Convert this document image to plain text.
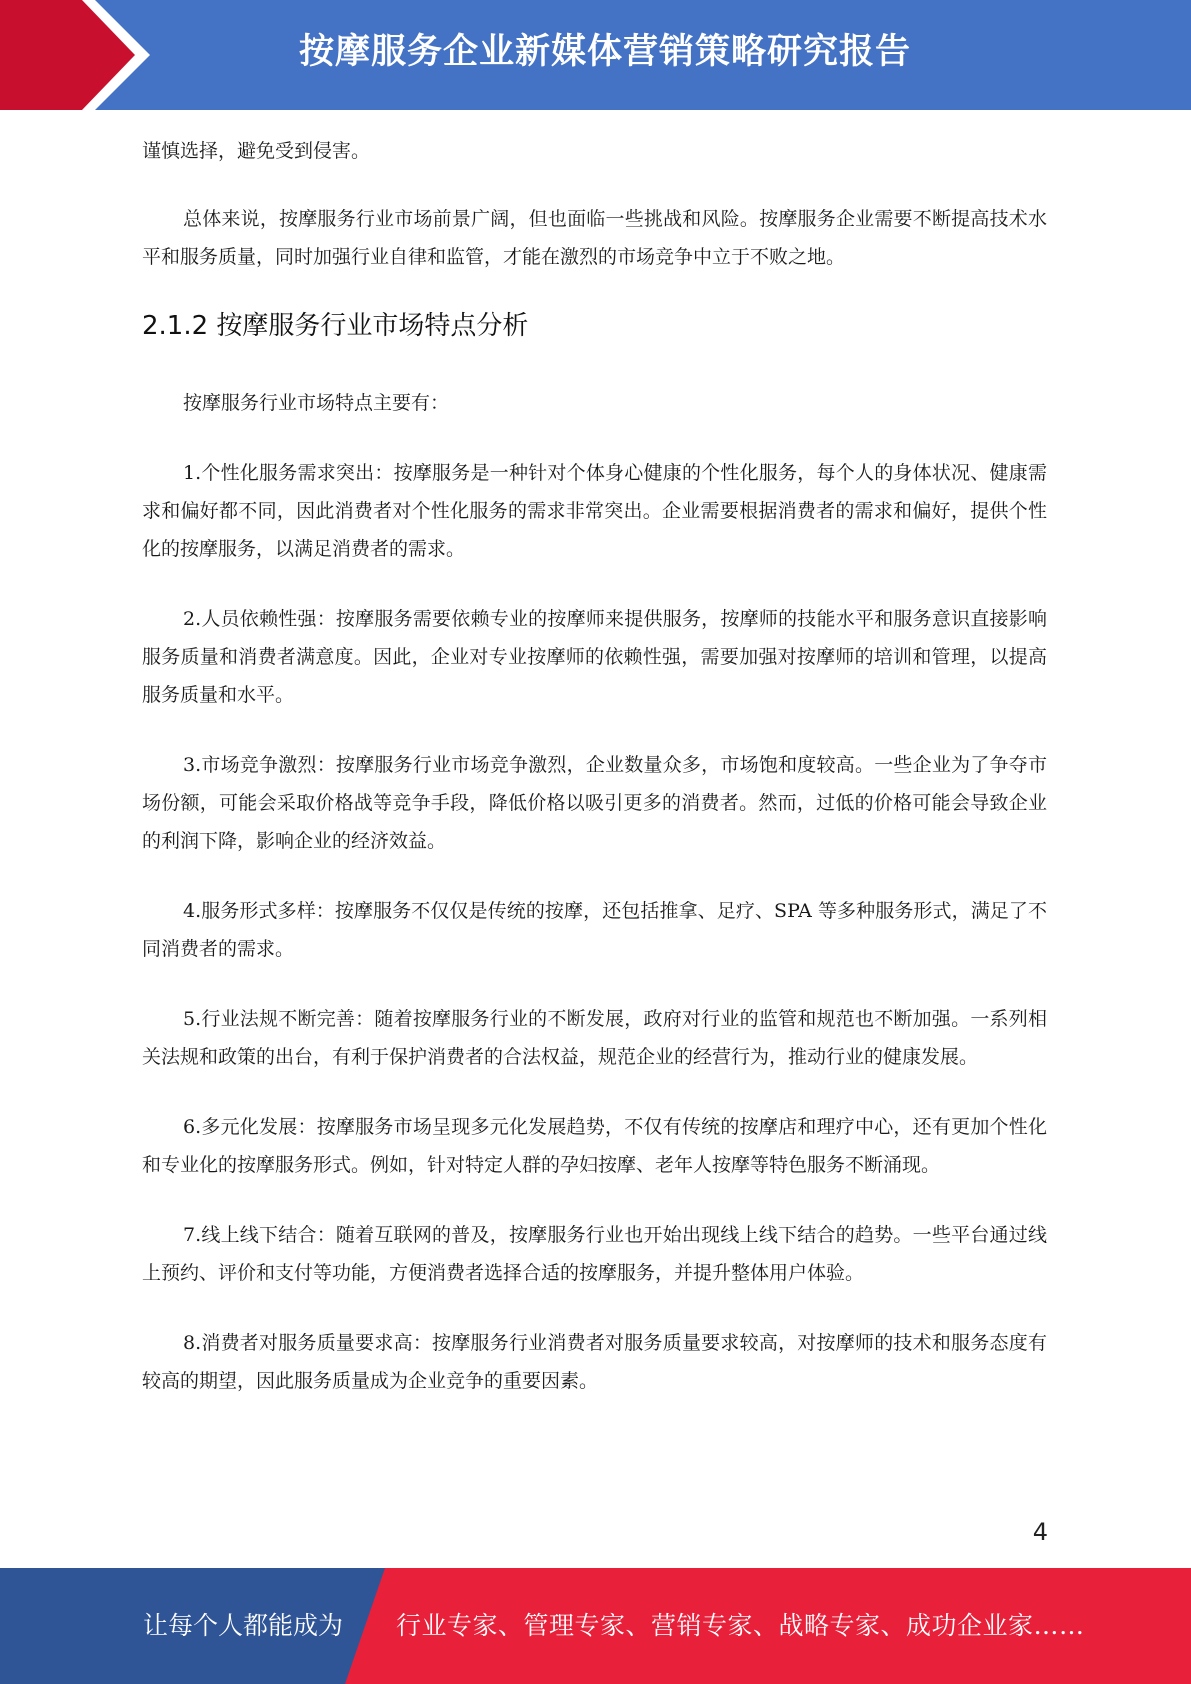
按摩服务企业新媒体营销策略研究报告

谨慎选择，避免受到侵害。

总体来说，按摩服务行业市场前景广阔，但也面临一些挑战和风险。按摩服务企业需要不断提高技术水平和服务质量，同时加强行业自律和监管，才能在激烈的市场竞争中立于不败之地。

2.1.2 按摩服务行业市场特点分析

按摩服务行业市场特点主要有：

1.个性化服务需求突出：按摩服务是一种针对个体身心健康的个性化服务，每个人的身体状况、健康需求和偏好都不同，因此消费者对个性化服务的需求非常突出。企业需要根据消费者的需求和偏好，提供个性化的按摩服务，以满足消费者的需求。

2.人员依赖性强：按摩服务需要依赖专业的按摩师来提供服务，按摩师的技能水平和服务意识直接影响服务质量和消费者满意度。因此，企业对专业按摩师的依赖性强，需要加强对按摩师的培训和管理，以提高服务质量和水平。

3.市场竞争激烈：按摩服务行业市场竞争激烈，企业数量众多，市场饱和度较高。一些企业为了争夺市场份额，可能会采取价格战等竞争手段，降低价格以吸引更多的消费者。然而，过低的价格可能会导致企业的利润下降，影响企业的经济效益。

4.服务形式多样：按摩服务不仅仅是传统的按摩，还包括推拿、足疗、SPA 等多种服务形式，满足了不同消费者的需求。

5.行业法规不断完善：随着按摩服务行业的不断发展，政府对行业的监管和规范也不断加强。一系列相关法规和政策的出台，有利于保护消费者的合法权益，规范企业的经营行为，推动行业的健康发展。

6.多元化发展：按摩服务市场呈现多元化发展趋势，不仅有传统的按摩店和理疗中心，还有更加个性化和专业化的按摩服务形式。例如，针对特定人群的孕妇按摩、老年人按摩等特色服务不断涌现。

7.线上线下结合：随着互联网的普及，按摩服务行业也开始出现线上线下结合的趋势。一些平台通过线上预约、评价和支付等功能，方便消费者选择合适的按摩服务，并提升整体用户体验。

8.消费者对服务质量要求高：按摩服务行业消费者对服务质量要求较高，对按摩师的技术和服务态度有较高的期望，因此服务质量成为企业竞争的重要因素。

4
让每个人都能成为 行业专家、管理专家、营销专家、战略专家、成功企业家……
